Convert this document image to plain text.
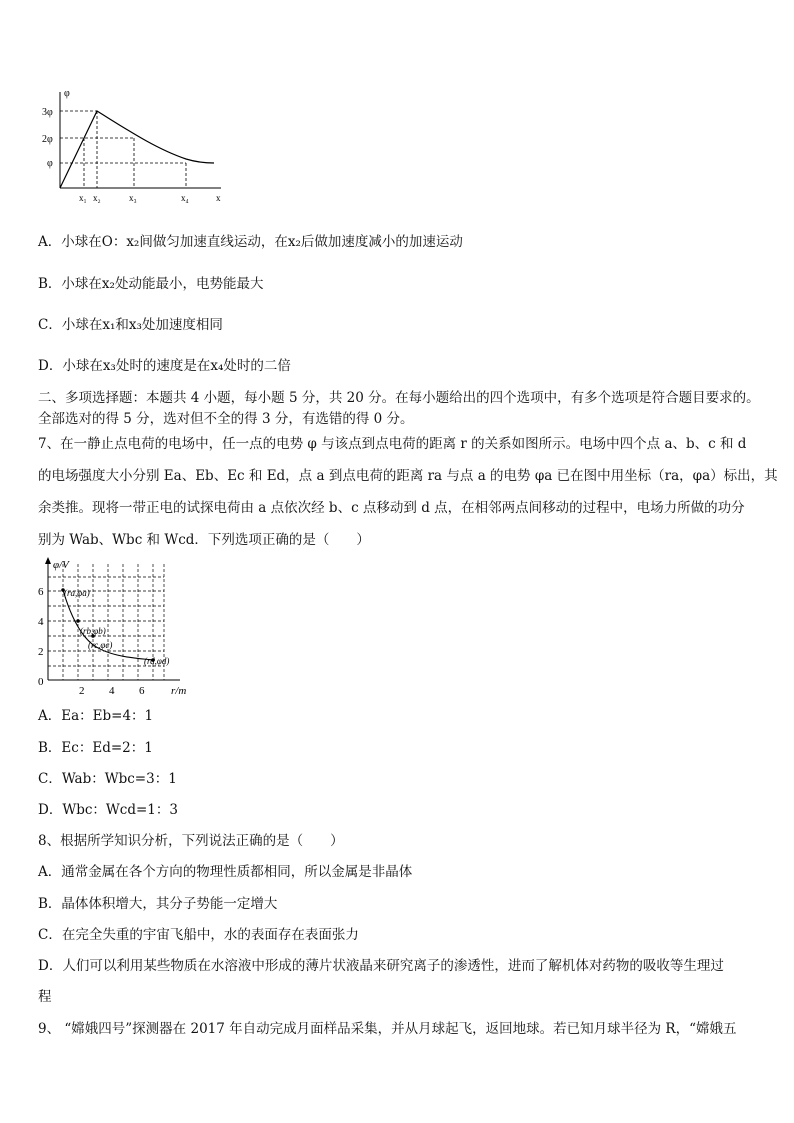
φ
x
3φ
2φ
φ
x₁ x₂	x₃	x₄
A．小球在O：x₂间做匀加速直线运动，在x₂后做加速度减小的加速运动
B．小球在x₂处动能最小，电势能最大
C．小球在x₁和x₃处加速度相同
D．小球在x₃处时的速度是在x₄处时的二倍
二、多项选择题：本题共 4 小题，每小题 5 分，共 20 分。在每小题给出的四个选项中，有多个选项是符合题目要求的。
全部选对的得 5 分，选对但不全的得 3 分，有选错的得 0 分。
7、在一静止点电荷的电场中，任一点的电势 φ 与该点到点电荷的距离 r 的关系如图所示。电场中四个点 a、b、c 和 d
的电场强度大小分别 Ea、Eb、Ec 和 Ed，点 a 到点电荷的距离 ra 与点 a 的电势 φa 已在图中用坐标（ra，φa）标出，其
余类推。现将一带正电的试探电荷由 a 点依次经 b、c 点移动到 d 点，在相邻两点间移动的过程中，电场力所做的功分
别为 Wab、Wbc 和 Wcd．下列选项正确的是（　　）
φ/V
r/m
6
4
2
0
2 4 6
(ra,φa)
(rb,φb)
(rc,φc)
(rd,φd)
A．Ea：Eb=4：1
B．Ec：Ed=2：1
C．Wab：Wbc=3：1
D．Wbc：Wcd=1：3
8、根据所学知识分析，下列说法正确的是（　　）
A．通常金属在各个方向的物理性质都相同，所以金属是非晶体
B．晶体体积增大，其分子势能一定增大
C．在完全失重的宇宙飞船中，水的表面存在表面张力
D．人们可以利用某些物质在水溶液中形成的薄片状液晶来研究离子的渗透性，进而了解机体对药物的吸收等生理过
程
9、 “嫦娥四号”探测器在 2017 年自动完成月面样品采集，并从月球起飞，返回地球。若已知月球半径为 R，“嫦娥五
